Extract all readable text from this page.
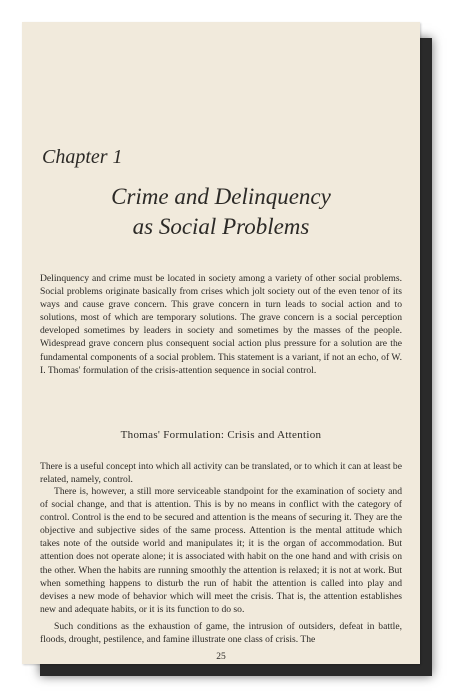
Chapter 1
Crime and Delinquency
as Social Problems

Delinquency and crime must be located in society among a variety of other social problems. Social problems originate basically from crises which jolt society out of the even tenor of its ways and cause grave concern. This grave concern in turn leads to social action and to solutions, most of which are temporary solutions. The grave concern is a social perception developed sometimes by leaders in society and sometimes by the masses of the people. Widespread grave concern plus consequent social action plus pressure for a solution are the fundamental components of a social problem. This statement is a variant, if not an echo, of W. I. Thomas' formulation of the crisis-attention sequence in social control.

Thomas' Formulation: Crisis and Attention

There is a useful concept into which all activity can be translated, or to which it can at least be related, namely, control.

There is, however, a still more serviceable standpoint for the examination of society and of social change, and that is attention. This is by no means in conflict with the category of control. Control is the end to be secured and attention is the means of securing it. They are the objective and subjective sides of the same process. Attention is the mental attitude which takes note of the outside world and manipulates it; it is the organ of accommodation. But attention does not operate alone; it is associated with habit on the one hand and with crisis on the other. When the habits are running smoothly the attention is relaxed; it is not at work. But when something happens to disturb the run of habit the attention is called into play and devises a new mode of behavior which will meet the crisis. That is, the attention establishes new and adequate habits, or it is its function to do so.

Such conditions as the exhaustion of game, the intrusion of outsiders, defeat in battle, floods, drought, pestilence, and famine illustrate one class of crisis. The

25
